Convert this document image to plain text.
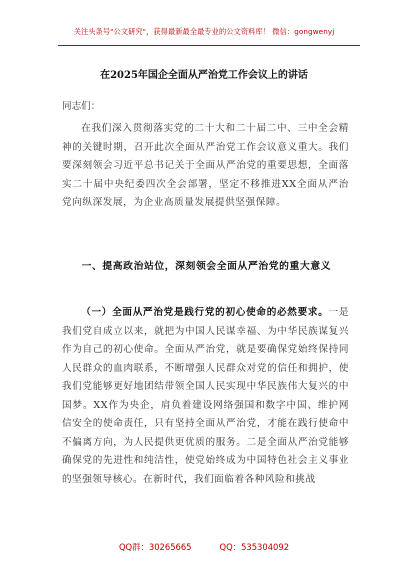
关注头条号"公文研究"，获得最新最全最专业的公文资料库！ 微信：gongwenyj
在2025年国企全面从严治党工作会议上的讲话
同志们：
在我们深入贯彻落实党的二十大和二十届二中、三中全会精神的关键时期，召开此次全面从严治党工作会议意义重大。我们要深刻领会习近平总书记关于全面从严治党的重要思想，全面落实二十届中央纪委四次全会部署，坚定不移推进XX全面从严治党向纵深发展，为企业高质量发展提供坚强保障。
一、提高政治站位，深刻领会全面从严治党的重大意义

（一）全面从严治党是践行党的初心使命的必然要求。一是我们党自成立以来，就把为中国人民谋幸福、为中华民族谋复兴作为自己的初心使命。全面从严治党，就是要确保党始终保持同人民群众的血肉联系，不断增强人民群众对党的信任和拥护，使我们党能够更好地团结带领全国人民实现中华民族伟大复兴的中国梦。XX作为央企，肩负着建设网络强国和数字中国、维护网信安全的使命责任，只有坚持全面从严治党，才能在践行使命中不偏离方向，为人民提供更优质的服务。二是全面从严治党能够确保党的先进性和纯洁性，使党始终成为中国特色社会主义事业的坚强领导核心。在新时代，我们面临着各种风险和挑战

QQ群：30265665	QQ：535304092
